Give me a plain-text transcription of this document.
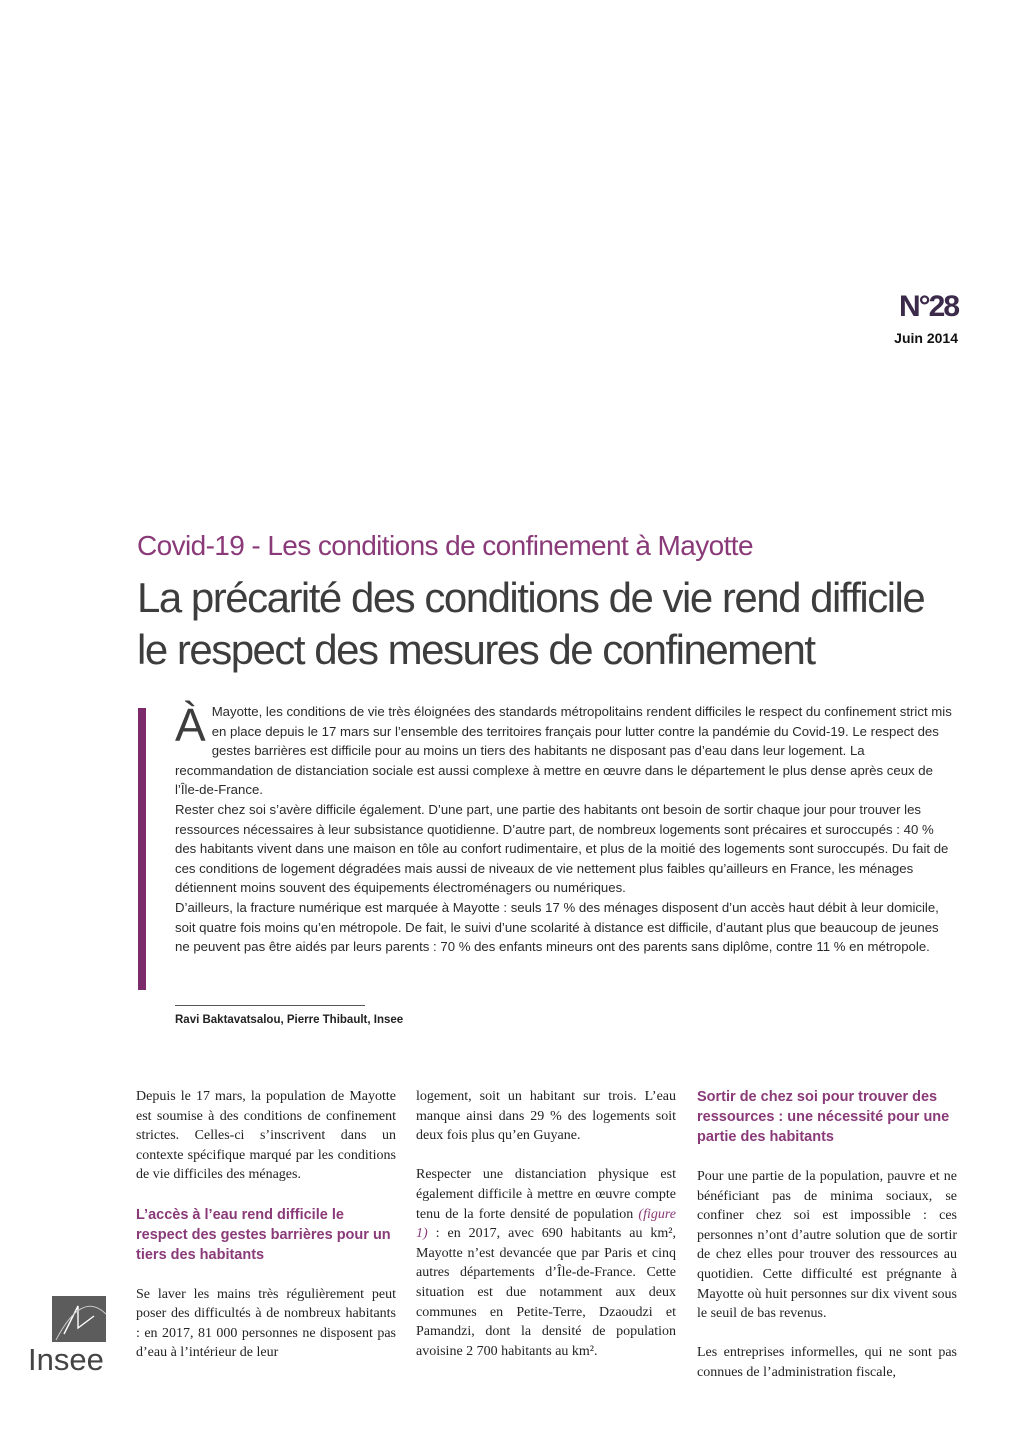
N°28
Juin 2014
Covid-19 - Les conditions de confinement à Mayotte
La précarité des conditions de vie rend difficile
le respect des mesures de confinement

À Mayotte, les conditions de vie très éloignées des standards métropolitains rendent difficiles le respect du confinement strict mis en place depuis le 17 mars sur l’ensemble des territoires français pour lutter contre la pandémie du Covid-19. Le respect des gestes barrières est difficile pour au moins un tiers des habitants ne disposant pas d’eau dans leur logement. La recommandation de distanciation sociale est aussi complexe à mettre en œuvre dans le département le plus dense après ceux de l’Île-de-France.

Rester chez soi s’avère difficile également. D’une part, une partie des habitants ont besoin de sortir chaque jour pour trouver les ressources nécessaires à leur subsistance quotidienne. D’autre part, de nombreux logements sont précaires et suroccupés : 40 % des habitants vivent dans une maison en tôle au confort rudimentaire, et plus de la moitié des logements sont suroccupés. Du fait de ces conditions de logement dégradées mais aussi de niveaux de vie nettement plus faibles qu’ailleurs en France, les ménages détiennent moins souvent des équipements électroménagers ou numériques.

D’ailleurs, la fracture numérique est marquée à Mayotte : seuls 17 % des ménages disposent d’un accès haut débit à leur domicile, soit quatre fois moins qu’en métropole. De fait, le suivi d’une scolarité à distance est difficile, d’autant plus que beaucoup de jeunes ne peuvent pas être aidés par leurs parents : 70 % des enfants mineurs ont des parents sans diplôme, contre 11 % en métropole.

Ravi Baktavatsalou, Pierre Thibault, Insee

Depuis le 17 mars, la population de Mayotte est soumise à des conditions de confinement strictes. Celles-ci s’inscrivent dans un contexte spécifique marqué par les conditions de vie difficiles des ménages.

L’accès à l’eau rend difficile le respect des gestes barrières pour un tiers des habitants

Se laver les mains très régulièrement peut poser des difficultés à de nombreux habitants : en 2017, 81 000 personnes ne disposent pas d’eau à l’intérieur de leur

logement, soit un habitant sur trois. L’eau manque ainsi dans 29 % des logements soit deux fois plus qu’en Guyane.

Respecter une distanciation physique est également difficile à mettre en œuvre compte tenu de la forte densité de population (figure 1) : en 2017, avec 690 habitants au km², Mayotte n’est devancée que par Paris et cinq autres départements d’Île-de-France. Cette situation est due notamment aux deux communes en Petite-Terre, Dzaoudzi et Pamandzi, dont la densité de population avoisine 2 700 habitants au km².

Sortir de chez soi pour trouver des ressources : une nécessité pour une partie des habitants

Pour une partie de la population, pauvre et ne bénéficiant pas de minima sociaux, se confiner chez soi est impossible : ces personnes n’ont d’autre solution que de sortir de chez elles pour trouver des ressources au quotidien. Cette difficulté est prégnante à Mayotte où huit personnes sur dix vivent sous le seuil de bas revenus.

Les entreprises informelles, qui ne sont pas connues de l’administration fiscale,

Insee
